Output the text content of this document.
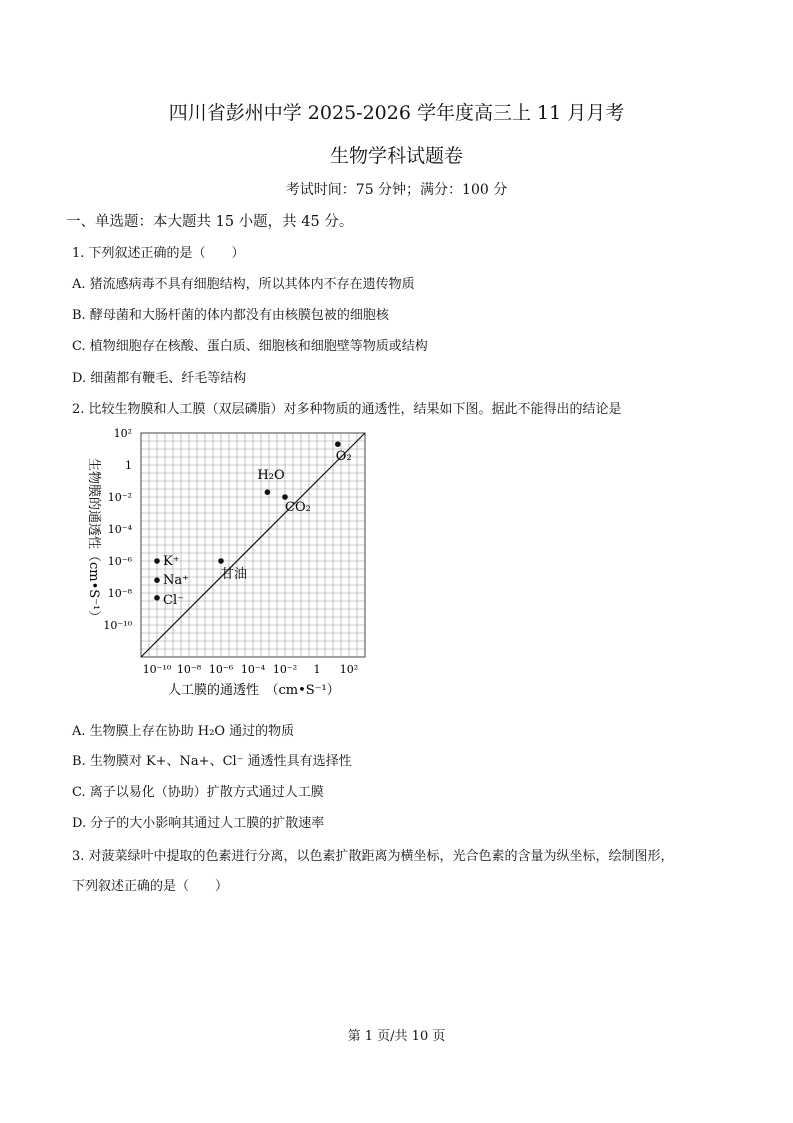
四川省彭州中学 2025-2026 学年度高三上 11 月月考
生物学科试题卷
考试时间：75 分钟；满分：100 分
一、单选题：本大题共 15 小题，共 45 分。
1. 下列叙述正确的是（　　）
A. 猪流感病毒不具有细胞结构，所以其体内不存在遗传物质
B. 酵母菌和大肠杆菌的体内都没有由核膜包被的细胞核
C. 植物细胞存在核酸、蛋白质、细胞核和细胞壁等物质或结构
D. 细菌都有鞭毛、纤毛等结构
2. 比较生物膜和人工膜（双层磷脂）对多种物质的通透性，结果如下图。据此不能得出的结论是
10⁻¹⁰ 10⁻⁸ 10⁻⁶ 10⁻⁴ 10⁻² 1 10²
10²
1
10⁻²
10⁻⁴
10⁻⁶
10⁻⁸
10⁻¹⁰
生物膜的通透性（cm•S⁻¹）	K⁺
Na⁺
Cl⁻
甘油
H₂O
CO₂
O₂
人工膜的通透性　（cm•S⁻¹）
A. 生物膜上存在协助 H₂O 通过的物质
B. 生物膜对 K+、Na+、Cl⁻ 通透性具有选择性
C. 离子以易化（协助）扩散方式通过人工膜
D. 分子的大小影响其通过人工膜的扩散速率
3. 对菠菜绿叶中提取的色素进行分离，以色素扩散距离为横坐标，光合色素的含量为纵坐标，绘制图形，
下列叙述正确的是（　　）
第 1 页/共 10 页
